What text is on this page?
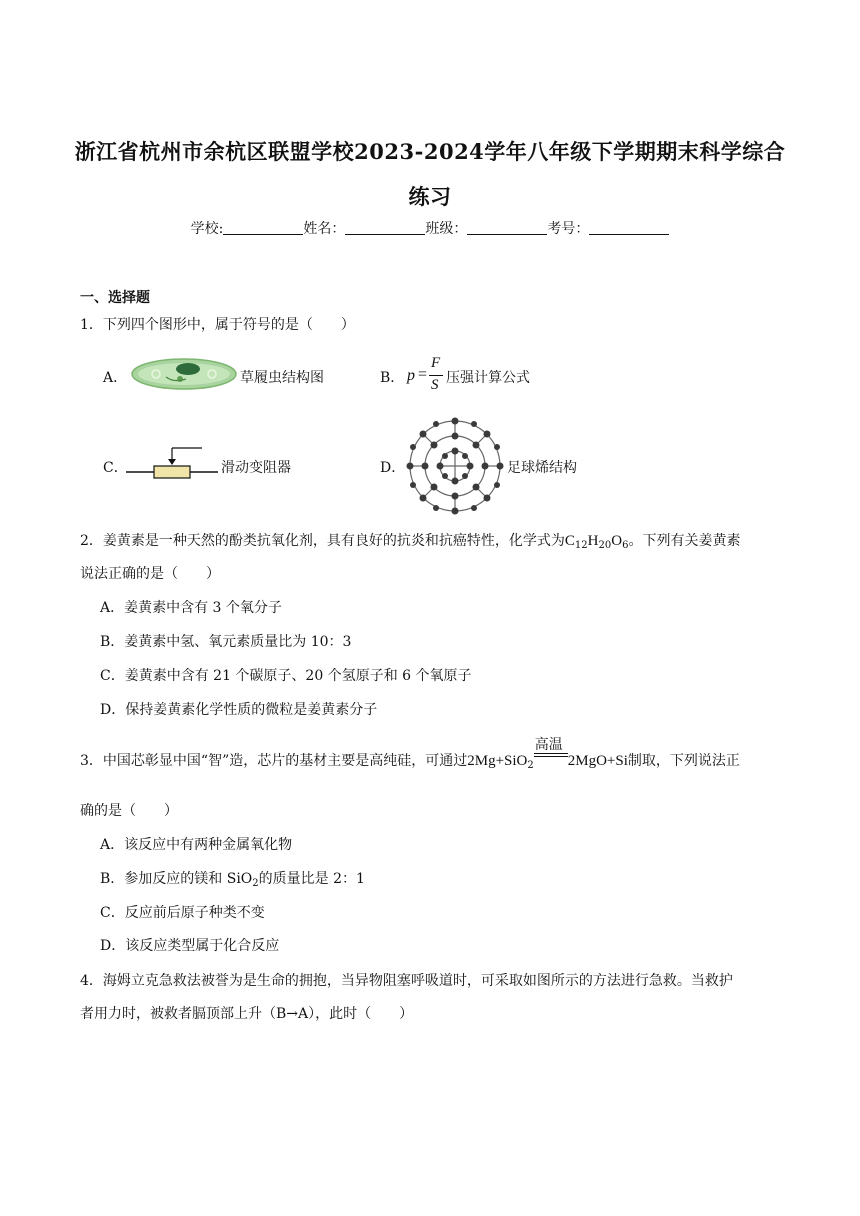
浙江省杭州市余杭区联盟学校2023-2024学年八年级下学期期末科学综合
练习
学校:	姓名：	班级：	考号：
一、选择题
1．下列四个图形中，属于符号的是（　　）
A．	草履虫结构图	B． p =
F
S 压强计算公式
C．	滑动变阻器	D．	足球烯结构
2．姜黄素是一种天然的酚类抗氧化剂，具有良好的抗炎和抗癌特性，化学式为$C_{12}H_{20}O_6$。下列有关姜黄素
说法正确的是（　　）
A．姜黄素中含有 3 个氧分子
B．姜黄素中氢、氧元素质量比为 10：3
C．姜黄素中含有 21 个碳原子、20 个氢原子和 6 个氧原子
D．保持姜黄素化学性质的微粒是姜黄素分子
3．中国芯彰显中国“智”造，芯片的基材主要是高纯硅，可通过2Mg+SiO$_2$
高温
2MgO+Si制取，下列说法正
确的是（　　）
A．该反应中有两种金属氧化物
B．参加反应的镁和 SiO$_2$的质量比是 2：1
C．反应前后原子种类不变
D．该反应类型属于化合反应
4．海姆立克急救法被誉为是生命的拥抱，当异物阻塞呼吸道时，可采取如图所示的方法进行急救。当救护
者用力时，被救者膈顶部上升（B→A），此时（　　）
